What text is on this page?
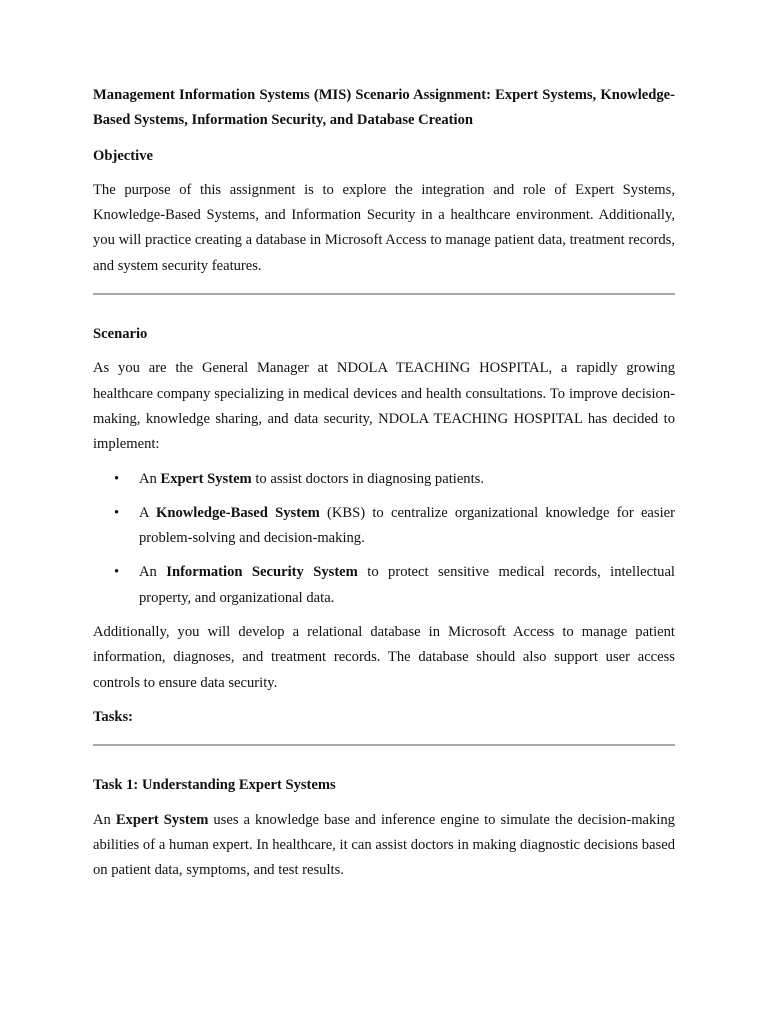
Management Information Systems (MIS) Scenario Assignment: Expert Systems, Knowledge-Based Systems, Information Security, and Database Creation

Objective

The purpose of this assignment is to explore the integration and role of Expert Systems, Knowledge-Based Systems, and Information Security in a healthcare environment. Additionally, you will practice creating a database in Microsoft Access to manage patient data, treatment records, and system security features.

Scenario

As you are the General Manager at NDOLA TEACHING HOSPITAL, a rapidly growing healthcare company specializing in medical devices and health consultations. To improve decision-making, knowledge sharing, and data security, NDOLA TEACHING HOSPITAL has decided to implement:

• An Expert System to assist doctors in diagnosing patients.
• A Knowledge-Based System (KBS) to centralize organizational knowledge for easier problem-solving and decision-making.
• An Information Security System to protect sensitive medical records, intellectual property, and organizational data.

Additionally, you will develop a relational database in Microsoft Access to manage patient information, diagnoses, and treatment records. The database should also support user access controls to ensure data security.

Tasks:

Task 1: Understanding Expert Systems

An Expert System uses a knowledge base and inference engine to simulate the decision-making abilities of a human expert. In healthcare, it can assist doctors in making diagnostic decisions based on patient data, symptoms, and test results.
